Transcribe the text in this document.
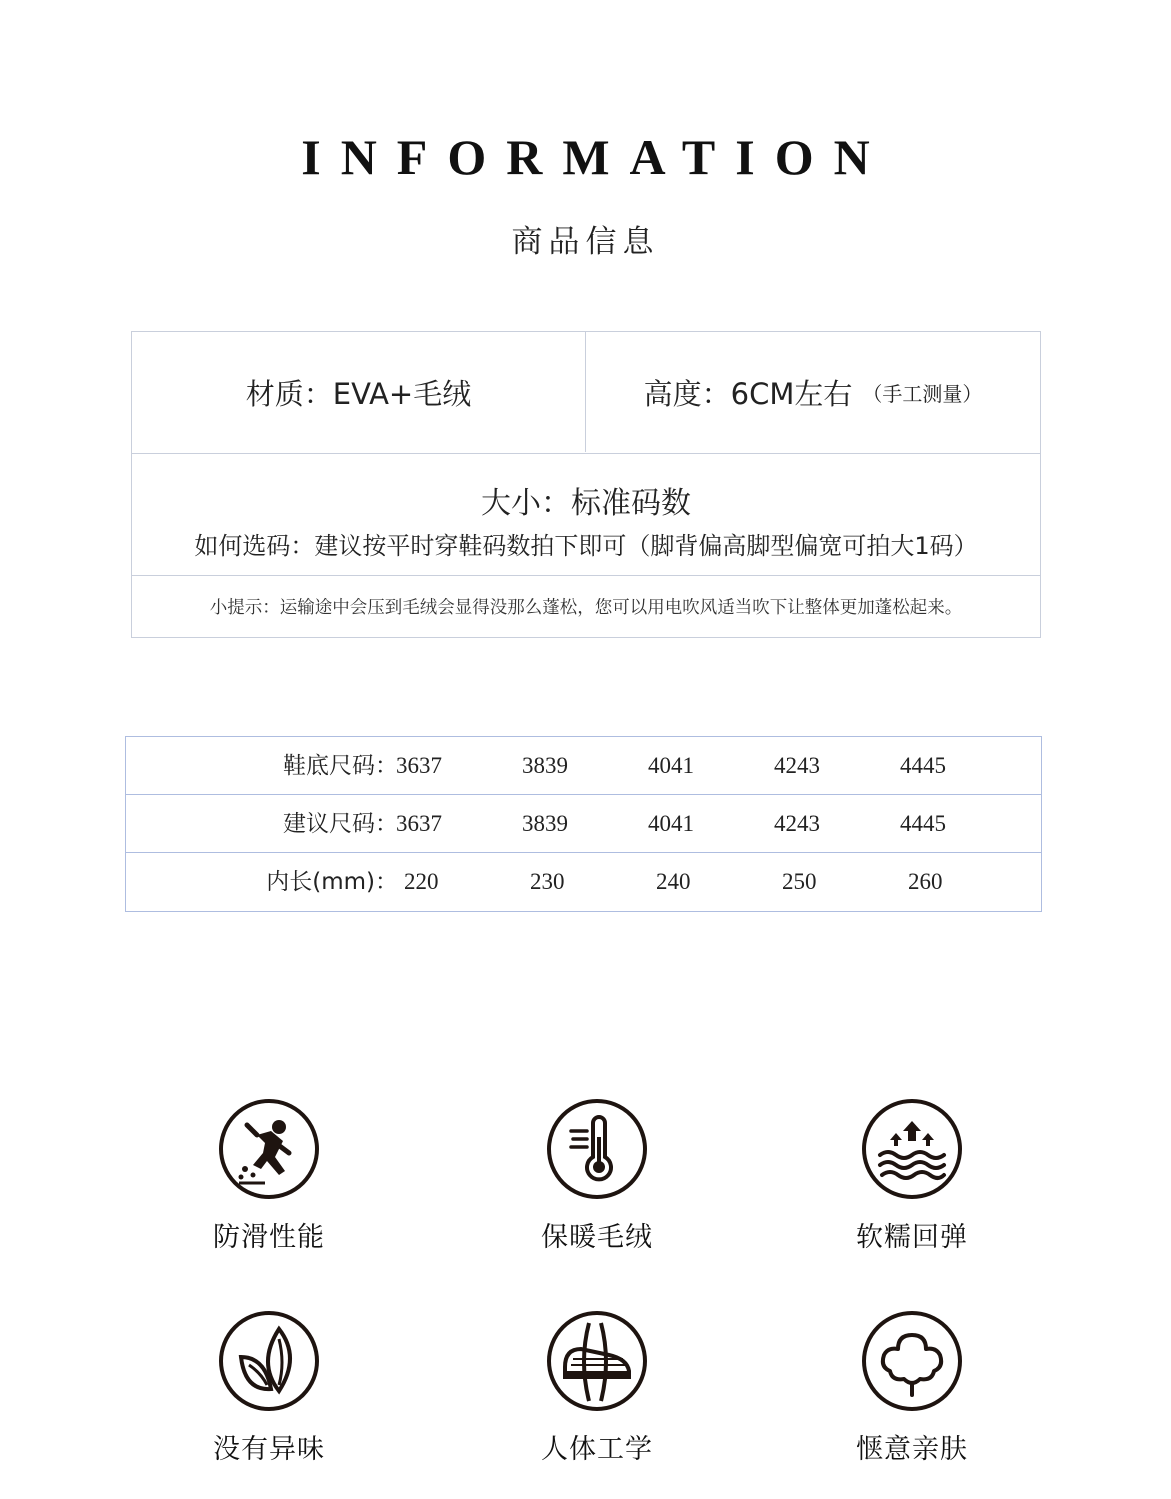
INFORMATION
商品信息
材质：EVA+毛绒	高度：6CM左右 （手工测量）
大小：标准码数
如何选码：建议按平时穿鞋码数拍下即可（脚背偏高脚型偏宽可拍大1码）
小提示：运输途中会压到毛绒会显得没那么蓬松，您可以用电吹风适当吹下让整体更加蓬松起来。
鞋底尺码：
3637	3839	4041	4243	4445
建议尺码：
3637	3839	4041	4243	4445
内长(mm)： 220	230	240	250	260
防滑性能	保暖毛绒	软糯回弹
没有异味	人体工学	惬意亲肤
